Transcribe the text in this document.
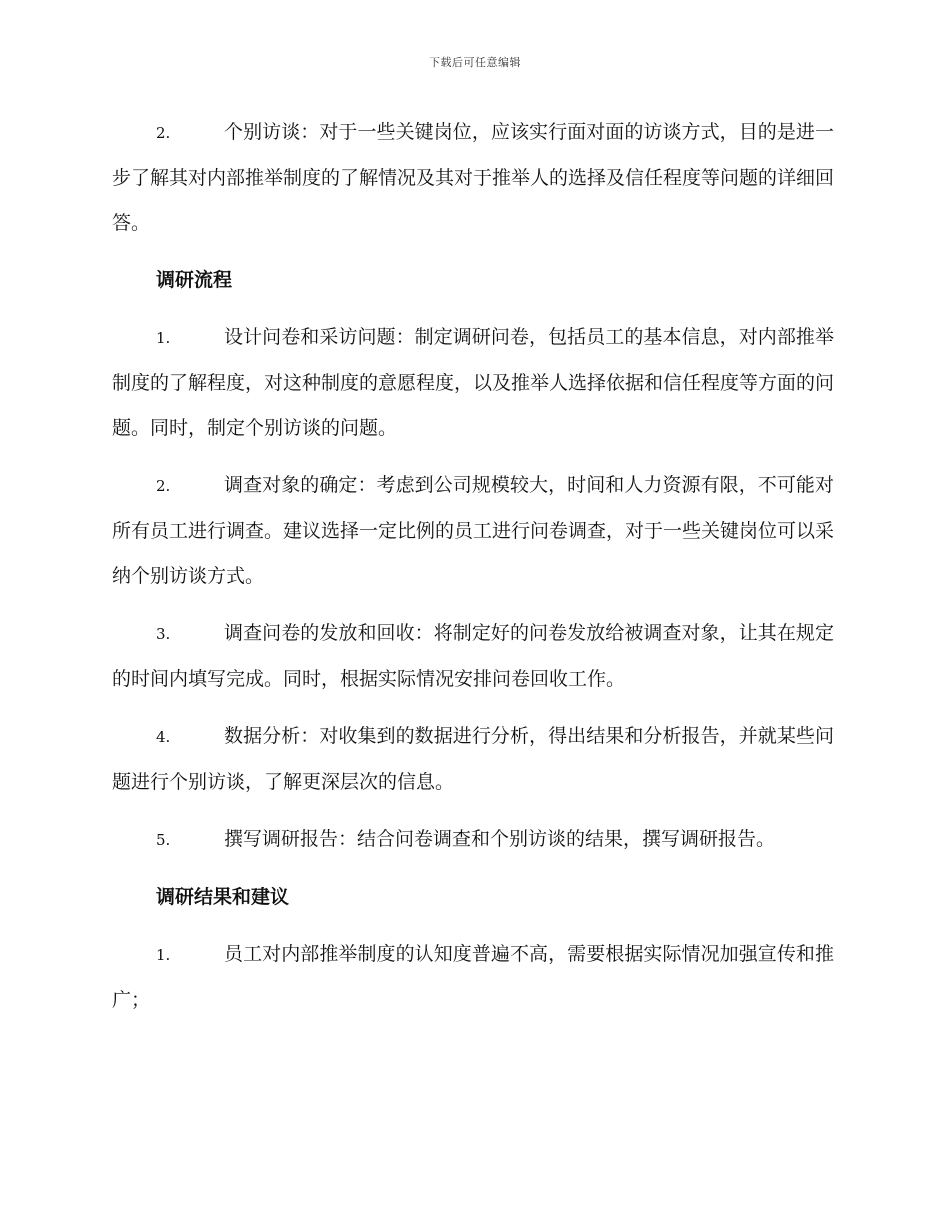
下载后可任意编辑

2.	个别访谈：对于一些关键岗位，应该实行面对面的访谈方式，目的是进一步了解其对内部推举制度的了解情况及其对于推举人的选择及信任程度等问题的详细回答。

调研流程

1.	设计问卷和采访问题：制定调研问卷，包括员工的基本信息，对内部推举制度的了解程度，对这种制度的意愿程度，以及推举人选择依据和信任程度等方面的问题。同时，制定个别访谈的问题。

2.	调查对象的确定：考虑到公司规模较大，时间和人力资源有限，不可能对所有员工进行调查。建议选择一定比例的员工进行问卷调查，对于一些关键岗位可以采纳个别访谈方式。

3.	调查问卷的发放和回收：将制定好的问卷发放给被调查对象，让其在规定的时间内填写完成。同时，根据实际情况安排问卷回收工作。

4.	数据分析：对收集到的数据进行分析，得出结果和分析报告，并就某些问题进行个别访谈，了解更深层次的信息。

5.	撰写调研报告：结合问卷调查和个别访谈的结果，撰写调研报告。

调研结果和建议

1.	员工对内部推举制度的认知度普遍不高，需要根据实际情况加强宣传和推广；
